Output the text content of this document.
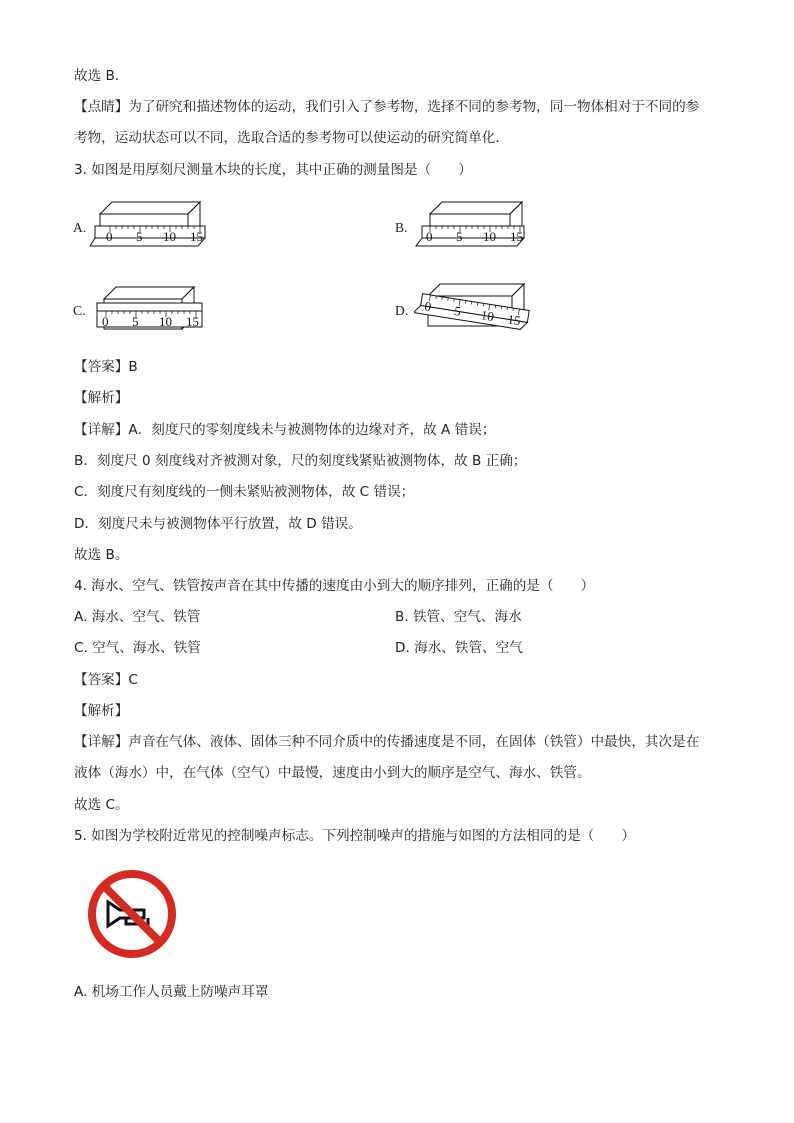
故选 B．
【点睛】为了研究和描述物体的运动，我们引入了参考物，选择不同的参考物，同一物体相对于不同的参
考物，运动状态可以不同，选取合适的参考物可以使运动的研究简单化．
3. 如图是用厚刻尺测量木块的长度，其中正确的测量图是（　　）
A.	B.
C.	D.
0 5 10 15	0 5 10 15
0 5 10 15
0 5 10 15
【答案】B
【解析】
【详解】A．刻度尺的零刻度线未与被测物体的边缘对齐，故 A 错误；
B．刻度尺 0 刻度线对齐被测对象，尺的刻度线紧贴被测物体，故 B 正确；
C．刻度尺有刻度线的一侧未紧贴被测物体，故 C 错误；
D．刻度尺未与被测物体平行放置，故 D 错误。
故选 B。
4. 海水、空气、铁管按声音在其中传播的速度由小到大的顺序排列，正确的是（　　）
A. 海水、空气、铁管	B. 铁管、空气、海水
C. 空气、海水、铁管	D. 海水、铁管、空气
【答案】C
【解析】
【详解】声音在气体、液体、固体三种不同介质中的传播速度是不同，在固体（铁管）中最快，其次是在
液体（海水）中，在气体（空气）中最慢，速度由小到大的顺序是空气、海水、铁管。
故选 C。
5. 如图为学校附近常见的控制噪声标志。下列控制噪声的措施与如图的方法相同的是（　　）
A. 机场工作人员戴上防噪声耳罩
